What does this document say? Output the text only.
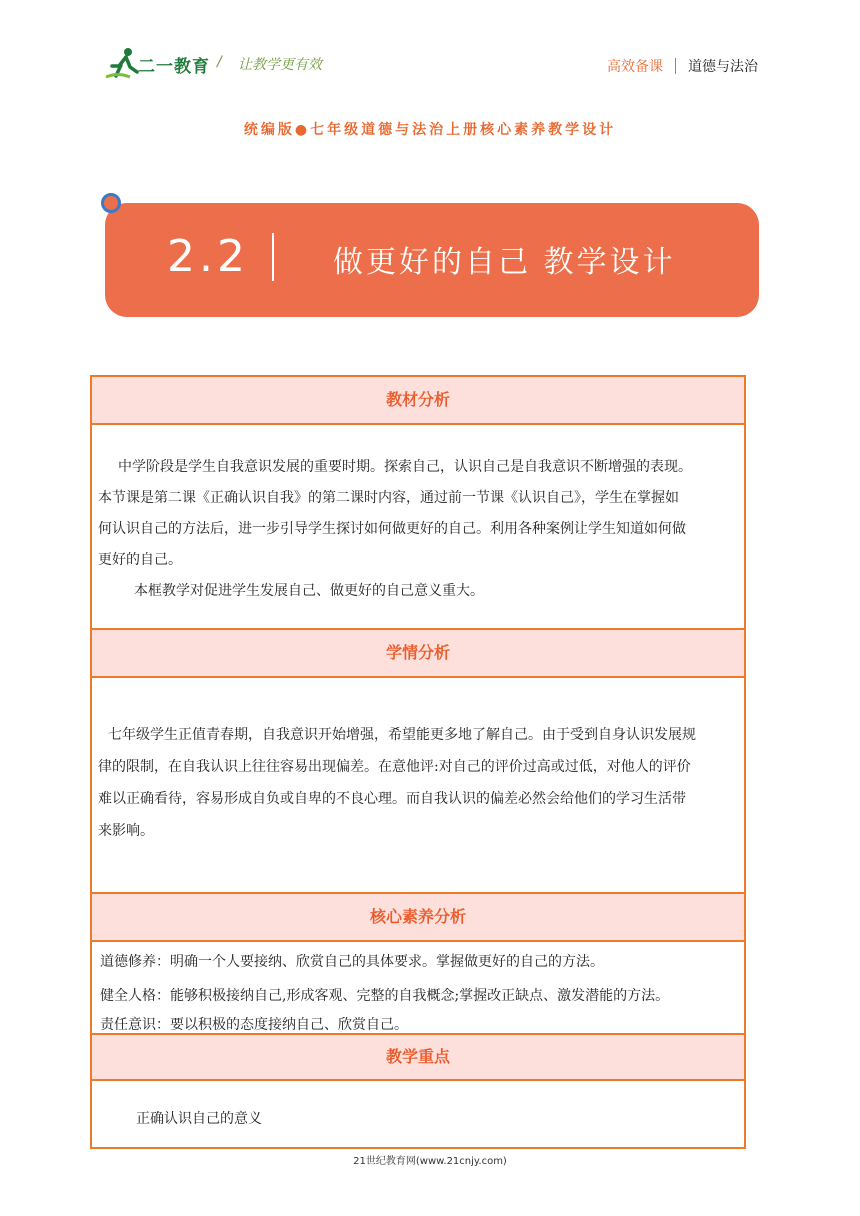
二一教育 / 让教学更有效	高效备课 道德与法治
统编版●七年级道德与法治上册核心素养教学设计
2.2	做更好的自己 教学设计
教材分析
中学阶段是学生自我意识发展的重要时期。探索自己，认识自己是自我意识不断增强的表现。
本节课是第二课《正确认识自我》的第二课时内容，通过前一节课《认识自己》，学生在掌握如
何认识自己的方法后，进一步引导学生探讨如何做更好的自己。利用各种案例让学生知道如何做
更好的自己。
本框教学对促进学生发展自己、做更好的自己意义重大。
学情分析
七年级学生正值青春期，自我意识开始增强，希望能更多地了解自己。由于受到自身认识发展规
律的限制，在自我认识上往往容易出现偏差。在意他评:对自己的评价过高或过低，对他人的评价
难以正确看待，容易形成自负或自卑的不良心理。而自我认识的偏差必然会给他们的学习生活带
来影响。
核心素养分析
道德修养：明确一个人要接纳、欣赏自己的具体要求。掌握做更好的自己的方法。
健全人格：能够积极接纳自己,形成客观、完整的自我概念;掌握改正缺点、激发潜能的方法。
责任意识：要以积极的态度接纳自己、欣赏自己。
教学重点
正确认识自己的意义
21世纪教育网(www.21cnjy.com)
